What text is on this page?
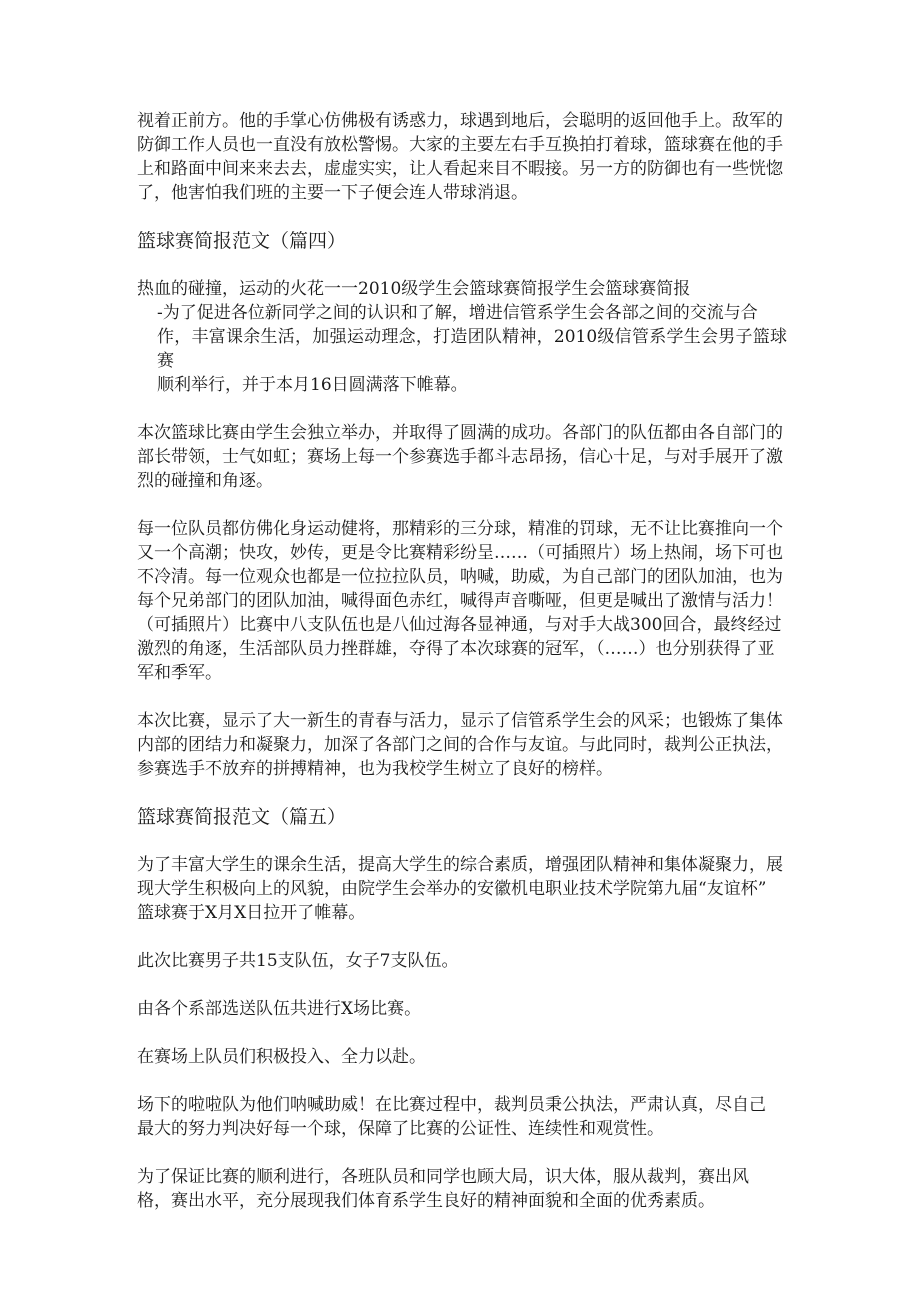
视着正前方。他的手掌心仿佛极有诱惑力，球遇到地后，会聪明的返回他手上。敌军的
防御工作人员也一直没有放松警惕。大家的主要左右手互换拍打着球，篮球赛在他的手
上和路面中间来来去去，虚虚实实，让人看起来目不暇接。另一方的防御也有一些恍惚
了，他害怕我们班的主要一下子便会连人带球消退。

篮球赛简报范文（篇四）

热血的碰撞，运动的火花一一2010级学生会篮球赛简报学生会篮球赛简报

-为了促进各位新同学之间的认识和了解，增进信管系学生会各部之间的交流与合
作，丰富课余生活，加强运动理念，打造团队精神，2010级信管系学生会男子篮球赛
顺利举行，并于本月16日圆满落下帷幕。

本次篮球比赛由学生会独立举办，并取得了圆满的成功。各部门的队伍都由各自部门的
部长带领，士气如虹；赛场上每一个参赛选手都斗志昂扬，信心十足，与对手展开了激
烈的碰撞和角逐。

每一位队员都仿佛化身运动健将，那精彩的三分球，精准的罚球，无不让比赛推向一个
又一个高潮；快攻，妙传，更是令比赛精彩纷呈……（可插照片）场上热闹，场下可也
不冷清。每一位观众也都是一位拉拉队员，呐喊，助威，为自己部门的团队加油，也为
每个兄弟部门的团队加油，喊得面色赤红，喊得声音嘶哑，但更是喊出了激情与活力！
（可插照片）比赛中八支队伍也是八仙过海各显神通，与对手大战300回合，最终经过
激烈的角逐，生活部队员力挫群雄，夺得了本次球赛的冠军，（……）也分别获得了亚
军和季军。

本次比赛，显示了大一新生的青春与活力，显示了信管系学生会的风采；也锻炼了集体
内部的团结力和凝聚力，加深了各部门之间的合作与友谊。与此同时，裁判公正执法，
参赛选手不放弃的拼搏精神，也为我校学生树立了良好的榜样。

篮球赛简报范文（篇五）

为了丰富大学生的课余生活，提高大学生的综合素质，增强团队精神和集体凝聚力，展
现大学生积极向上的风貌，由院学生会举办的安徽机电职业技术学院第九届“友谊杯”
篮球赛于X月X日拉开了帷幕。

此次比赛男子共15支队伍，女子7支队伍。

由各个系部选送队伍共进行X场比赛。

在赛场上队员们积极投入、全力以赴。

场下的啦啦队为他们呐喊助威！在比赛过程中，裁判员秉公执法，严肃认真，尽自己
最大的努力判决好每一个球，保障了比赛的公证性、连续性和观赏性。

为了保证比赛的顺利进行，各班队员和同学也顾大局，识大体，服从裁判，赛出风
格，赛出水平，充分展现我们体育系学生良好的精神面貌和全面的优秀素质。
